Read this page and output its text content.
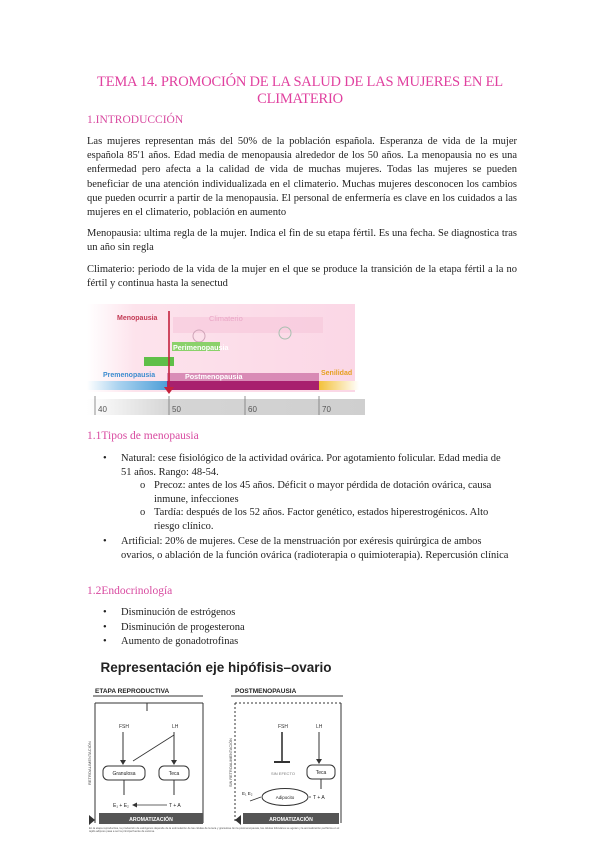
TEMA 14. PROMOCIÓN DE LA SALUD DE LAS MUJERES EN EL CLIMATERIO
1.INTRODUCCIÓN
Las mujeres representan más del 50% de la población española. Esperanza de vida de la mujer española 85'1 años. Edad media de menopausia alrededor de los 50 años. La menopausia no es una enfermedad pero afecta a la calidad de vida de muchas mujeres. Todas las mujeres se pueden beneficiar de una atención individualizada en el climaterio. Muchas mujeres desconocen los cambios que pueden ocurrir a partir de la menopausia. El personal de enfermería es clave en los cuidados a las mujeres en el climaterio, población en aumento
Menopausia: ultima regla de la mujer. Indica el fin de su etapa fértil. Es una fecha. Se diagnostica tras un año sin regla
Climaterio: periodo de la vida de la mujer en el que se produce la transición de la etapa fértil a la no fértil y continua hasta la senectud
Climaterio
Menopausia
Perimenopausia
Premenopausia	Postmenopausia	Senilidad
40	50	60	70
1.1Tipos de menopausia
• Natural: cese fisiológico de la actividad ovárica. Por agotamiento folicular. Edad media de 51 años. Rango: 48-54.
o Precoz: antes de los 45 años. Déficit o mayor pérdida de dotación ovárica, causa inmune, infecciones
o Tardía: después de los 52 años. Factor genético, estados hiperestrogénicos. Alto riesgo clínico.
• Artificial: 20% de mujeres. Cese de la menstruación por exéresis quirúrgica de ambos ovarios, o ablación de la función ovárica (radioterapia o quimioterapia). Repercusión clínica
1.2Endocrinología
• Disminución de estrógenos
• Disminución de progesterona
• Aumento de gonadotrofinas
Representación eje hipófisis–ovario
ETAPA REPRODUCTIVA
RETROALIMENTACIÓN
FSH	LH
Granulosa	Teca
E₁ + E₂	T + A
AROMATIZACIÓN
POSTMENOPAUSIA
SIN RETROALIMENTACIÓN
FSH	LH
SIN EFECTO	Teca
Adipocito	T + A
E₁ E₂
AROMATIZACIÓN
En la etapa reproductiva, la producción de estrógenos depende de la estimulación de las células de la teca y granulosa. En la postmenopausia, las células foliculares se agotan y la aromatización periférica en el tejido adiposo pasa a ser la principal fuente de estrona.
